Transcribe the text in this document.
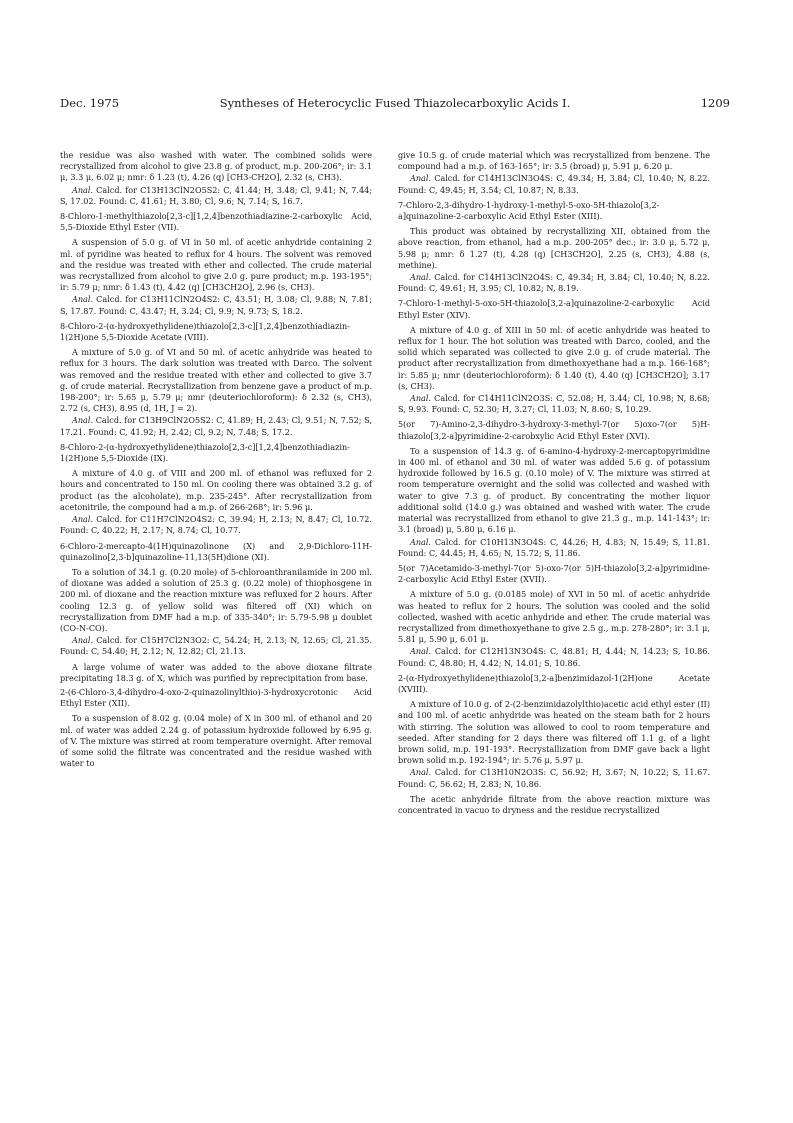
Dec. 1975	Syntheses of Heterocyclic Fused Thiazolecarboxylic Acids I.	1209

the residue was also washed with water. The combined solids were recrystallized from alcohol to give 23.8 g. of product, m.p. 200-206°; ir: 3.1 μ, 3.3 μ, 6.02 μ; nmr: δ 1.23 (t), 4.26 (q) [CH3-CH2O], 2.32 (s, CH3).

Anal. Calcd. for C13H13ClN2O5S2: C, 41.44; H, 3.48; Cl, 9.41; N, 7.44; S, 17.02. Found: C, 41.61; H, 3.80; Cl, 9.6; N, 7.14; S, 16.7.

8-Chloro-1-methylthiazolo[2,3-c][1,2,4]benzothiadiazine-2-carboxylic Acid, 5,5-Dioxide Ethyl Ester (VII).

A suspension of 5.0 g. of VI in 50 ml. of acetic anhydride containing 2 ml. of pyridine was heated to reflux for 4 hours. The solvent was removed and the residue was treated with ether and collected. The crude material was recrystallized from alcohol to give 2.0 g. pure product; m.p. 193-195°; ir: 5.79 μ; nmr: δ 1.43 (t), 4.42 (q) [CH3CH2O], 2.96 (s, CH3).

Anal. Calcd. for C13H11ClN2O4S2: C, 43.51; H, 3.08; Cl, 9.88; N, 7.81; S, 17.87. Found: C, 43.47; H, 3.24; Cl, 9.9; N, 9.73; S, 18.2.

8-Chloro-2-(α-hydroxyethylidene)thiazolo[2,3-c][1,2,4]benzothiadiazin-1(2H)one 5,5-Dioxide Acetate (VIII).

A mixture of 5.0 g. of VI and 50 ml. of acetic anhydride was heated to reflux for 3 hours. The dark solution was treated with Darco. The solvent was removed and the residue treated with ether and collected to give 3.7 g. of crude material. Recrystallization from benzene gave a product of m.p. 198-200°; ir: 5.65 μ, 5.79 μ; nmr (deuteriochloroform): δ 2.32 (s, CH3), 2.72 (s, CH3), 8.95 (d, 1H, J = 2).

Anal. Calcd. for C13H9ClN2O5S2: C, 41.89; H, 2.43; Cl, 9.51; N, 7.52; S, 17.21. Found: C, 41.92; H, 2.42; Cl, 9.2; N, 7.48; S, 17.2.

8-Chloro-2-(α-hydroxyethylidene)thiazolo[2,3-c][1,2,4]benzothiadiazin-1(2H)one 5,5-Dioxide (IX).

A mixture of 4.0 g. of VIII and 200 ml. of ethanol was refluxed for 2 hours and concentrated to 150 ml. On cooling there was obtained 3.2 g. of product (as the alcoholate), m.p. 235-245°. After recrystallization from acetonitrile, the compound had a m.p. of 266-268°; ir: 5.96 μ.

Anal. Calcd. for C11H7ClN2O4S2: C, 39.94; H, 2.13; N, 8.47; Cl, 10.72. Found: C, 40.22; H, 2.17; N, 8.74; Cl, 10.77.

6-Chloro-2-mercapto-4(1H)quinazolinone (X) and 2,9-Dichloro-11H-quinazolino[2,3-b]quinazoline-11,13(5H)dione (XI).

To a solution of 34.1 g. (0.20 mole) of 5-chloroanthranilamide in 200 ml. of dioxane was added a solution of 25.3 g. (0.22 mole) of thiophosgene in 200 ml. of dioxane and the reaction mixture was refluxed for 2 hours. After cooling 12.3 g. of yellow solid was filtered off (XI) which on recrystallization from DMF had a m.p. of 335-340°; ir: 5.79-5.98 μ doublet (CO-N-CO).

Anal. Calcd. for C15H7Cl2N3O2: C, 54.24; H, 2.13; N, 12.65; Cl, 21.35. Found: C, 54.40; H, 2.12; N, 12.82; Cl, 21.13.

A large volume of water was added to the above dioxane filtrate precipitating 18.3 g. of X, which was purified by reprecipitation from base.

2-(6-Chloro-3,4-dihydro-4-oxo-2-quinazolinylthio)-3-hydroxycrotonic Acid Ethyl Ester (XII).

To a suspension of 8.02 g. (0.04 mole) of X in 300 ml. of ethanol and 20 ml. of water was added 2.24 g. of potassium hydroxide followed by 6.95 g. of V. The mixture was stirred at room temperature overnight. After removal of some solid the filtrate was concentrated and the residue washed with water to

give 10.5 g. of crude material which was recrystallized from benzene. The compound had a m.p. of 163-165°; ir: 3.5 (broad) μ, 5.91 μ, 6.20 μ.

Anal. Calcd. for C14H13ClN3O4S: C, 49.34; H, 3.84; Cl, 10.40; N, 8.22. Found: C, 49.45; H, 3.54; Cl, 10.87; N, 8.33.

7-Chloro-2,3-dihydro-1-hydroxy-1-methyl-5-oxo-5H-thiazolo[3,2-a]quinazoline-2-carboxylic Acid Ethyl Ester (XIII).

This product was obtained by recrystallizing XII, obtained from the above reaction, from ethanol, had a m.p. 200-205° dec.; ir: 3.0 μ, 5.72 μ, 5.98 μ; nmr: δ 1.27 (t), 4.28 (q) [CH3CH2O], 2.25 (s, CH3), 4.88 (s, methine).

Anal. Calcd. for C14H13ClN2O4S: C, 49.34; H, 3.84; Cl, 10.40; N, 8.22. Found: C, 49.61; H, 3.95; Cl, 10.82; N, 8.19.

7-Chloro-1-methyl-5-oxo-5H-thiazolo[3,2-a]quinazoline-2-carboxylic Acid Ethyl Ester (XIV).

A mixture of 4.0 g. of XIII in 50 ml. of acetic anhydride was heated to reflux for 1 hour. The hot solution was treated with Darco, cooled, and the solid which separated was collected to give 2.0 g. of crude material. The product after recrystallization from dimethoxyethane had a m.p. 166-168°; ir: 5.85 μ; nmr (deuteriochloroform): δ 1.40 (t), 4.40 (q) [CH3CH2O]; 3.17 (s, CH3).

Anal. Calcd. for C14H11ClN2O3S: C, 52.08; H, 3.44; Cl, 10.98; N, 8.68; S, 9.93. Found: C, 52.30; H, 3.27; Cl, 11.03; N, 8.60; S, 10.29.

5(or 7)-Amino-2,3-dihydro-3-hydroxy-3-methyl-7(or 5)oxo-7(or 5)H-thiazolo[3,2-a]pyrimidine-2-carobxylic Acid Ethyl Ester (XVI).

To a suspension of 14.3 g. of 6-amino-4-hydroxy-2-mercaptopyrimidine in 400 ml. of ethanol and 30 ml. of water was added 5.6 g. of potassium hydroxide followed by 16.5 g. (0.10 mole) of V. The mixture was stirred at room temperature overnight and the solid was collected and washed with water to give 7.3 g. of product. By concentrating the mother liquor additional solid (14.0 g.) was obtained and washed with water. The crude material was recrystallized from ethanol to give 21.3 g., m.p. 141-143°; ir: 3.1 (broad) μ, 5.80 μ, 6.16 μ.

Anal. Calcd. for C10H13N3O4S: C, 44.26; H, 4.83; N, 15.49; S, 11.81. Found: C, 44.45; H, 4.65; N, 15.72; S, 11.86.

5(or 7)Acetamido-3-methyl-7(or 5)-oxo-7(or 5)H-thiazolo[3,2-a]pyrimidine-2-carboxylic Acid Ethyl Ester (XVII).

A mixture of 5.0 g. (0.0185 mole) of XVI in 50 ml. of acetic anhydride was heated to reflux for 2 hours. The solution was cooled and the solid collected, washed with acetic anhydride and ether. The crude material was recrystallized from dimethoxyethane to give 2.5 g., m.p. 278-280°; ir: 3.1 μ, 5.81 μ, 5.90 μ, 6.01 μ.

Anal. Calcd. for C12H13N3O4S: C, 48.81; H, 4.44; N, 14.23; S, 10.86. Found: C, 48.80; H, 4.42; N, 14.01; S, 10.86.

2-(α-Hydroxyethylidene)thiazolo[3,2-a]benzimidazol-1(2H)one Acetate (XVIII).

A mixture of 10.0 g. of 2-(2-benzimidazolylthio)acetic acid ethyl ester (II) and 100 ml. of acetic anhydride was heated on the steam bath for 2 hours with stirring. The solution was allowed to cool to room temperature and seeded. After standing for 2 days there was filtered off 1.1 g. of a light brown solid, m.p. 191-193°. Recrystallization from DMF gave back a light brown solid m.p. 192-194°; ir: 5.76 μ, 5.97 μ.

Anal. Calcd. for C13H10N2O3S: C, 56.92; H, 3.67; N, 10.22; S, 11.67. Found: C, 56.62; H, 2.83; N, 10.86.

The acetic anhydride filtrate from the above reaction mixture was concentrated in vacuo to dryness and the residue recrystallized
